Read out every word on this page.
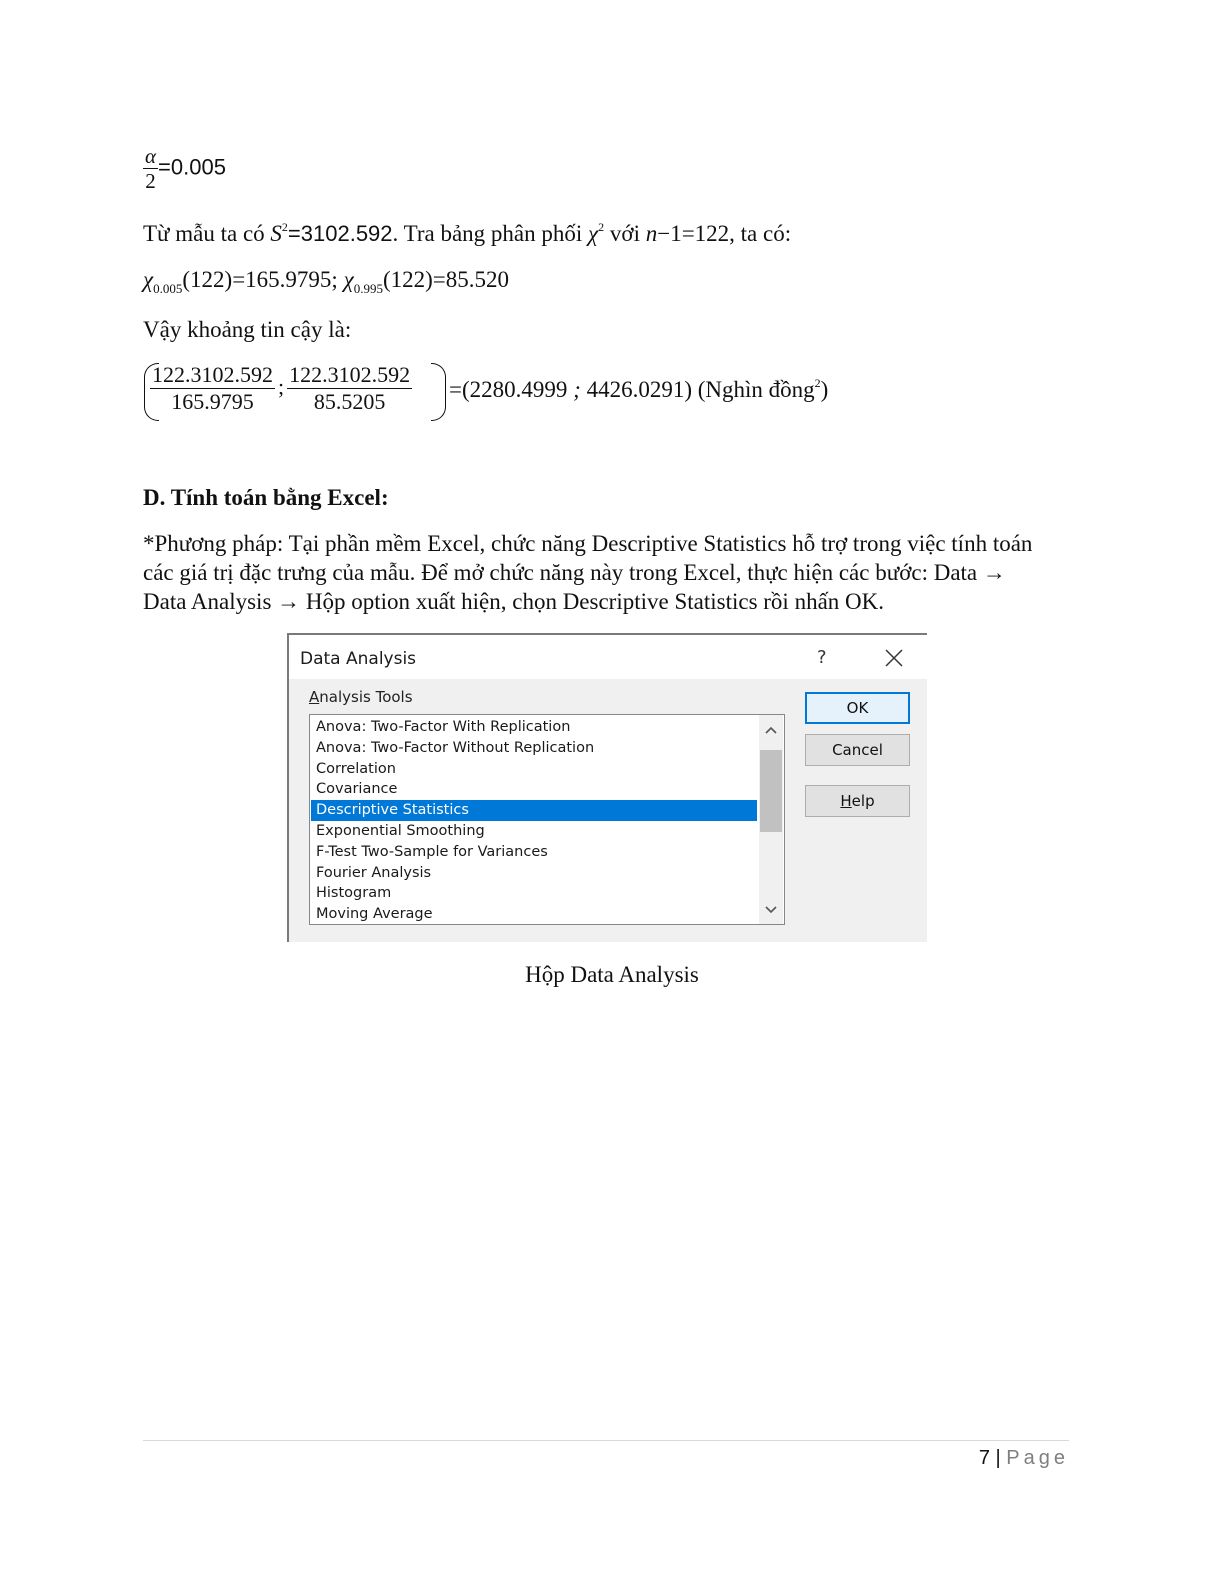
$\frac{\alpha}{2} =0.005$
Từ mẫu ta có $S^2=3102.592$. Tra bảng phân phối $\chi^2$ với n−1=122, ta có:
$\chi_{0.005}(122)=165.9795$; $\chi_{0.995}(122)=85.520$
Vậy khoảng tin cậy là:
$\frac{122.3102.592}{165.9795}$ ; $\frac{122.3102.592}{85.5205} =(2280.4999$ ; 4426.0291) (Nghìn đồng$^2$)
D. Tính toán bằng Excel:
*Phương pháp: Tại phần mềm Excel, chức năng Descriptive Statistics hỗ trợ trong việc tính toán
các giá trị đặc trưng của mẫu. Để mở chức năng này trong Excel, thực hiện các bước: Data →
Data Analysis → Hộp option xuất hiện, chọn Descriptive Statistics rồi nhấn OK.
Data Analysis	?
Analysis Tools
Anova: Two-Factor With Replication
Anova: Two-Factor Without Replication
Correlation
Covariance
Descriptive Statistics
Exponential Smoothing
F-Test Two-Sample for Variances
Fourier Analysis
Histogram
Moving Average
OK
Cancel
Help
Hộp Data Analysis
7 | Page
